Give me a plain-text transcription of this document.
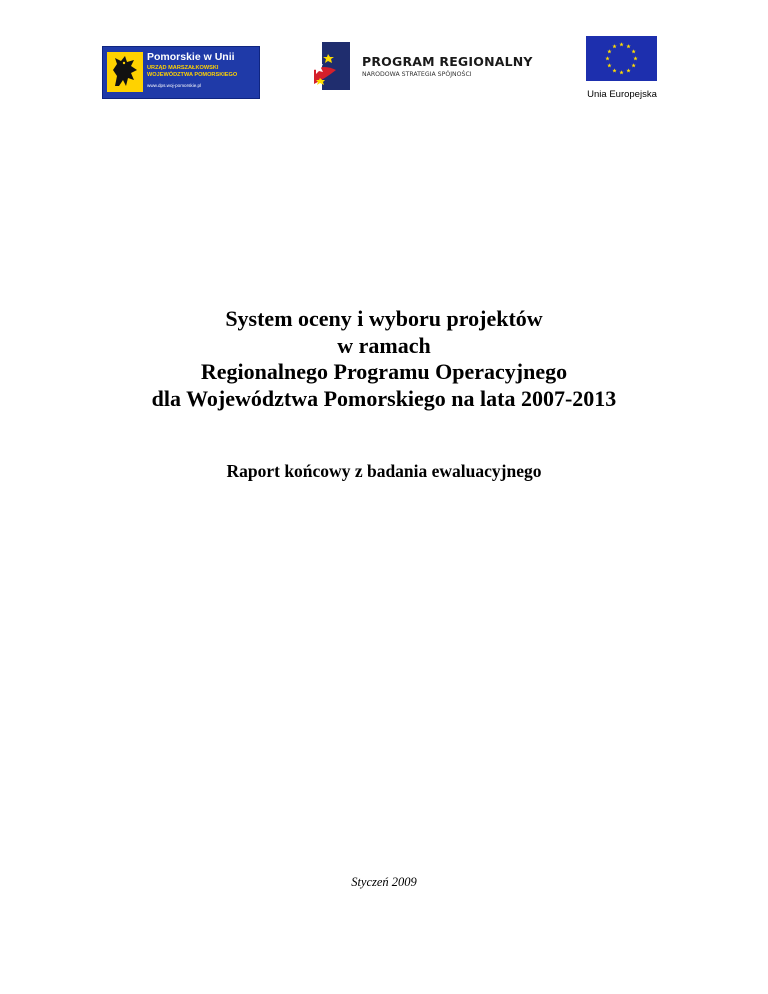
Pomorskie w Unii
URZĄD MARSZAŁKOWSKI
WOJEWÓDZTWA POMORSKIEGO
www.dps.woj-pomorskie.pl
PROGRAM REGIONALNY
NARODOWA STRATEGIA SPÓJNOŚCI
Unia Europejska
System oceny i wyboru projektów
w ramach
Regionalnego Programu Operacyjnego
dla Województwa Pomorskiego na lata 2007-2013
Raport końcowy z badania ewaluacyjnego
Styczeń 2009
